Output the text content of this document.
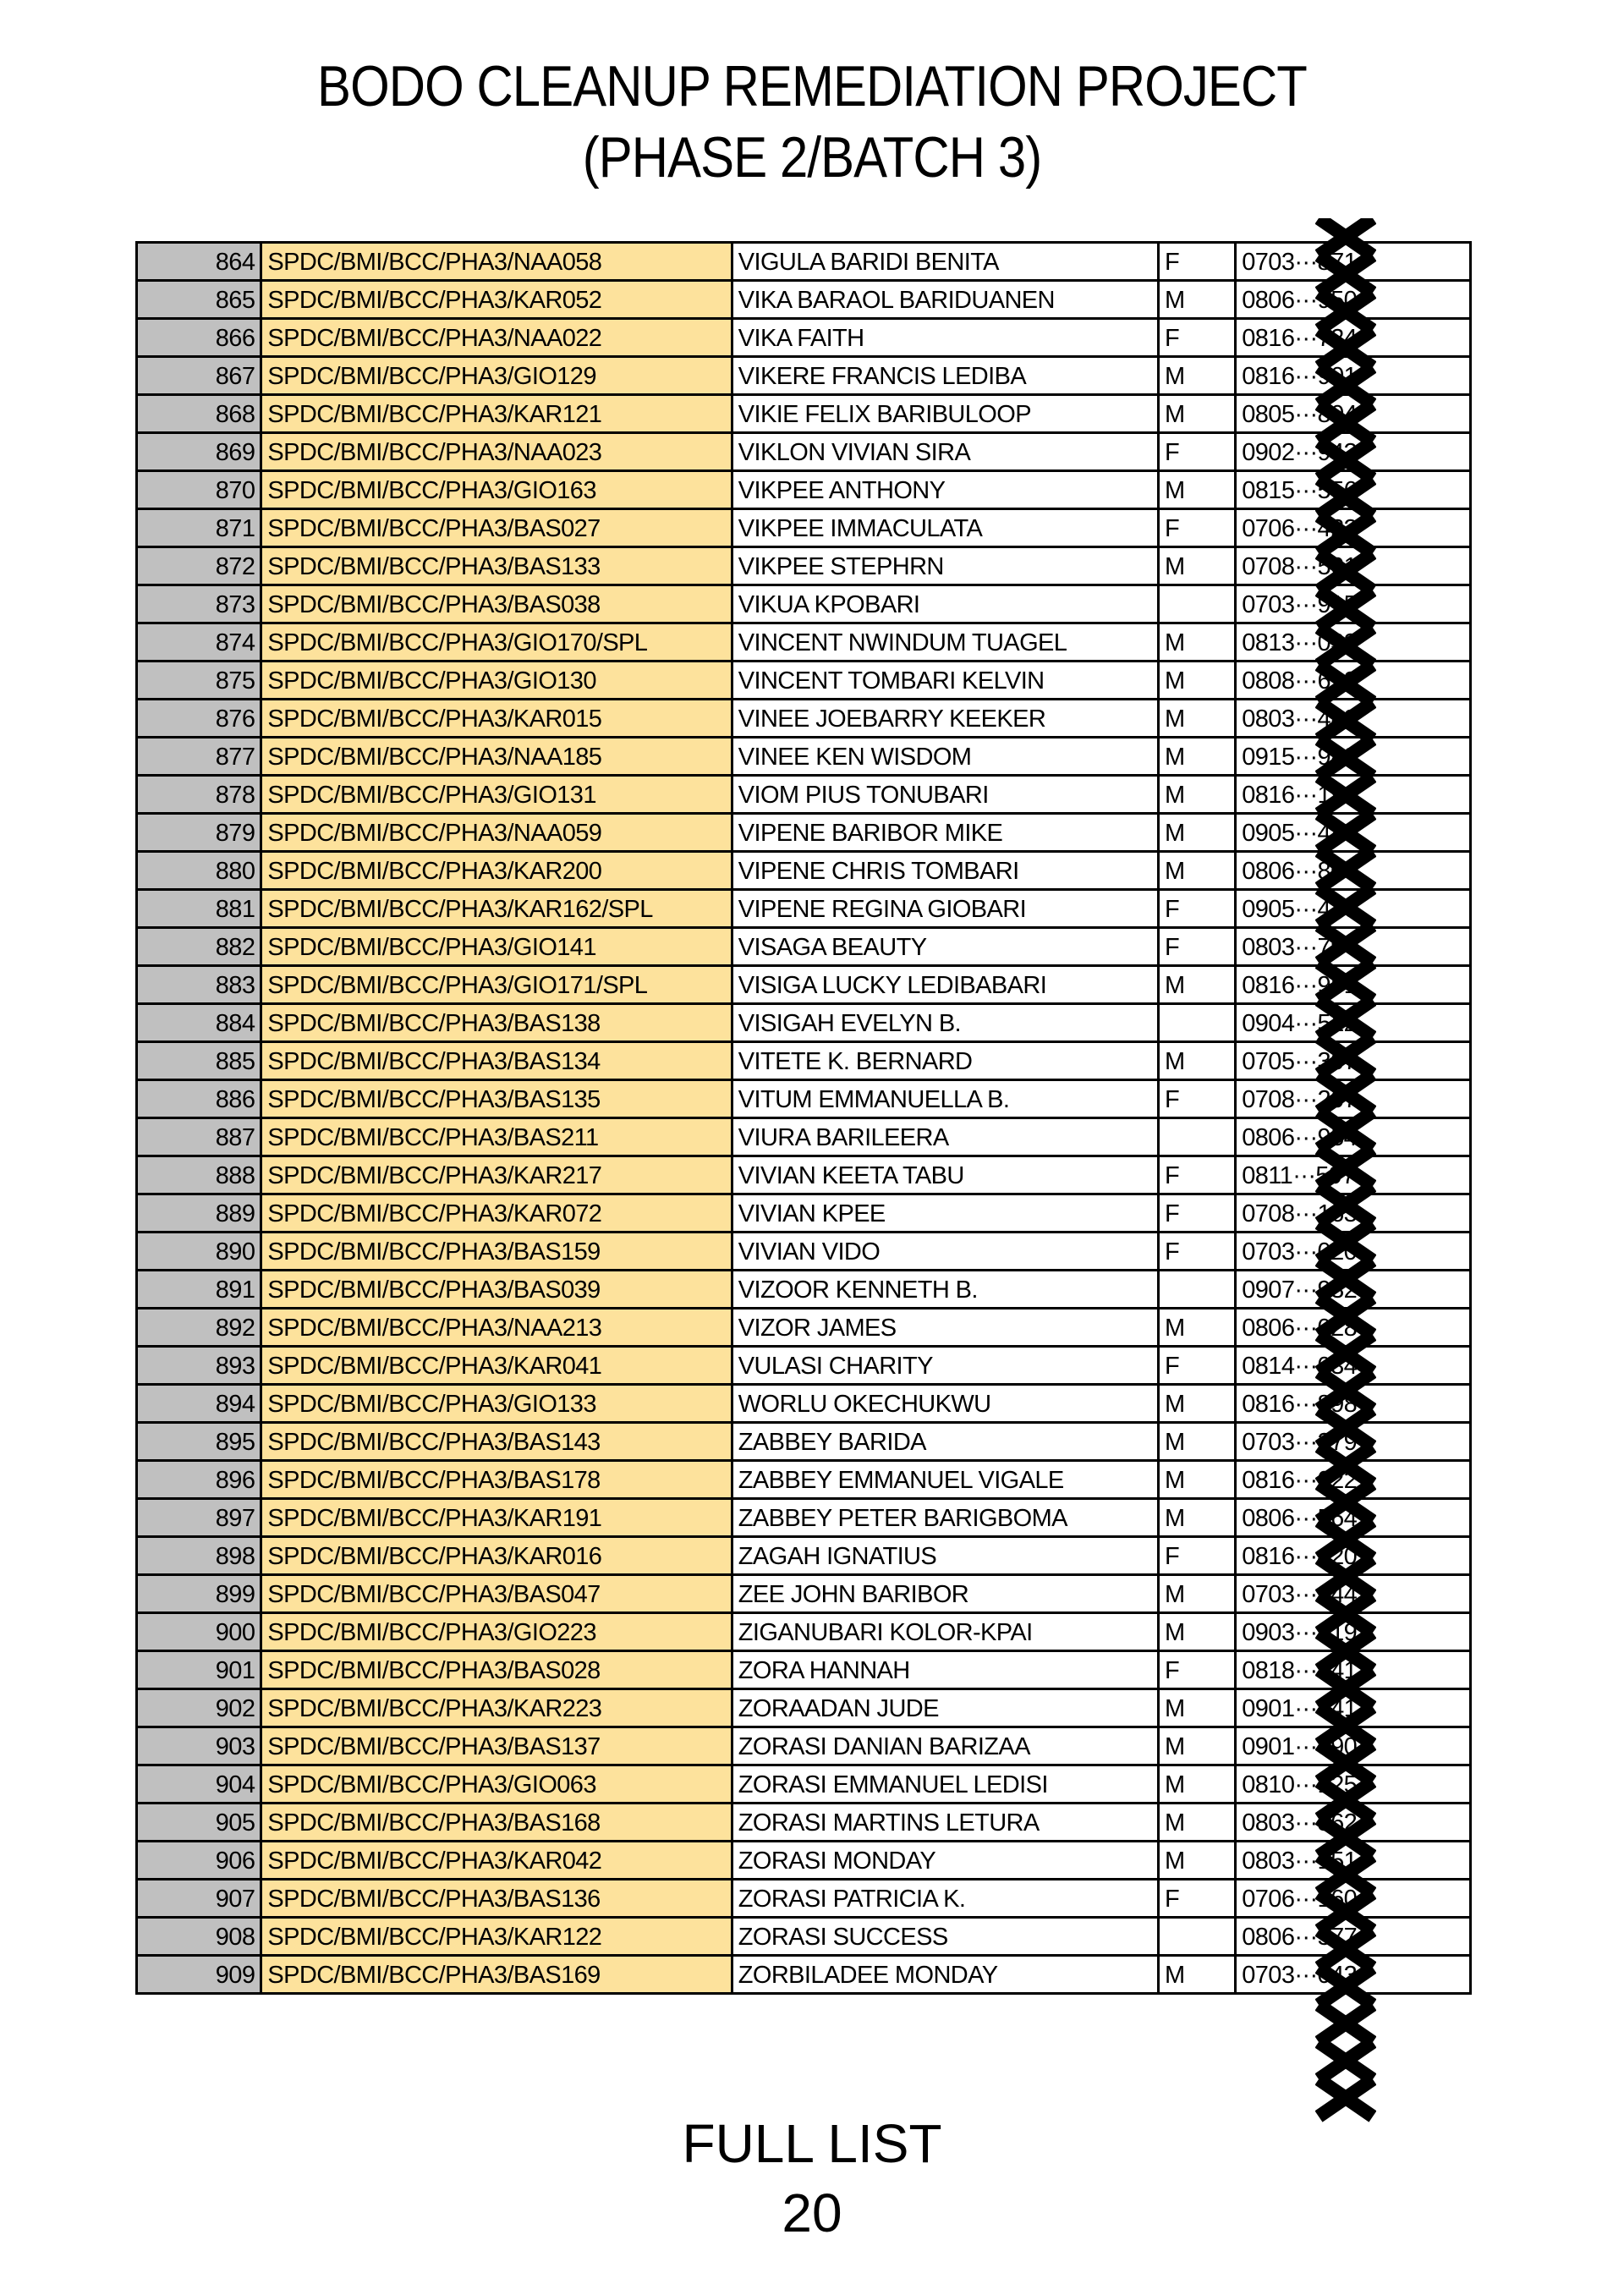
BODO CLEANUP REMEDIATION PROJECT
(PHASE 2/BATCH 3)
864	SPDC/BMI/BCC/PHA3/NAA058	VIGULA BARIDI BENITA	F	0703···871
865	SPDC/BMI/BCC/PHA3/KAR052	VIKA BARAOL BARIDUANEN	M	0806···950
866	SPDC/BMI/BCC/PHA3/NAA022	VIKA FAITH	F	0816···724
867	SPDC/BMI/BCC/PHA3/GIO129	VIKERE FRANCIS LEDIBA	M	0816···901
868	SPDC/BMI/BCC/PHA3/KAR121	VIKIE FELIX BARIBULOOP	M	0805···804
869	SPDC/BMI/BCC/PHA3/NAA023	VIKLON VIVIAN SIRA	F	0902···943
870	SPDC/BMI/BCC/PHA3/GIO163	VIKPEE ANTHONY	M	0815···556
871	SPDC/BMI/BCC/PHA3/BAS027	VIKPEE IMMACULATA	F	0706···423
872	SPDC/BMI/BCC/PHA3/BAS133	VIKPEE STEPHRN	M	0708···501
873	SPDC/BMI/BCC/PHA3/BAS038	VIKUA KPOBARI		0703···915
874	SPDC/BMI/BCC/PHA3/GIO170/SPL	VINCENT NWINDUM TUAGEL	M	0813···032
875	SPDC/BMI/BCC/PHA3/GIO130	VINCENT TOMBARI KELVIN	M	0808···622
876	SPDC/BMI/BCC/PHA3/KAR015	VINEE JOEBARRY KEEKER	M	0803···482
877	SPDC/BMI/BCC/PHA3/NAA185	VINEE KEN WISDOM	M	0915···983
878	SPDC/BMI/BCC/PHA3/GIO131	VIOM PIUS TONUBARI	M	0816···196
879	SPDC/BMI/BCC/PHA3/NAA059	VIPENE BARIBOR MIKE	M	0905···440
880	SPDC/BMI/BCC/PHA3/KAR200	VIPENE CHRIS TOMBARI	M	0806···804
881	SPDC/BMI/BCC/PHA3/KAR162/SPL	VIPENE REGINA GIOBARI	F	0905···440
882	SPDC/BMI/BCC/PHA3/GIO141	VISAGA BEAUTY	F	0803···794
883	SPDC/BMI/BCC/PHA3/GIO171/SPL	VISIGA LUCKY LEDIBABARI	M	0816···951
884	SPDC/BMI/BCC/PHA3/BAS138	VISIGAH EVELYN B.		0904···512
885	SPDC/BMI/BCC/PHA3/BAS134	VITETE K. BERNARD	M	0705···307
886	SPDC/BMI/BCC/PHA3/BAS135	VITUM EMMANUELLA B.	F	0708···207
887	SPDC/BMI/BCC/PHA3/BAS211	VIURA BARILEERA		0806···954
888	SPDC/BMI/BCC/PHA3/KAR217	VIVIAN KEETA TABU	F	0811···597
889	SPDC/BMI/BCC/PHA3/KAR072	VIVIAN KPEE	F	0708···163
890	SPDC/BMI/BCC/PHA3/BAS159	VIVIAN VIDO	F	0703···020
891	SPDC/BMI/BCC/PHA3/BAS039	VIZOOR KENNETH B.		0907···932
892	SPDC/BMI/BCC/PHA3/NAA213	VIZOR JAMES	M	0806···028
893	SPDC/BMI/BCC/PHA3/KAR041	VULASI CHARITY	F	0814···034
894	SPDC/BMI/BCC/PHA3/GIO133	WORLU OKECHUKWU	M	0816···898
895	SPDC/BMI/BCC/PHA3/BAS143	ZABBEY BARIDA	M	0703···279
896	SPDC/BMI/BCC/PHA3/BAS178	ZABBEY EMMANUEL VIGALE	M	0816···022
897	SPDC/BMI/BCC/PHA3/KAR191	ZABBEY PETER BARIGBOMA	M	0806···564
898	SPDC/BMI/BCC/PHA3/KAR016	ZAGAH IGNATIUS	F	0816···420
899	SPDC/BMI/BCC/PHA3/BAS047	ZEE JOHN BARIBOR	M	0703···944
900	SPDC/BMI/BCC/PHA3/GIO223	ZIGANUBARI KOLOR-KPAI	M	0903···619
901	SPDC/BMI/BCC/PHA3/BAS028	ZORA HANNAH	F	0818···841
902	SPDC/BMI/BCC/PHA3/KAR223	ZORAADAN JUDE	M	0901···941
903	SPDC/BMI/BCC/PHA3/BAS137	ZORASI DANIAN BARIZAA	M	0901···890
904	SPDC/BMI/BCC/PHA3/GIO063	ZORASI EMMANUEL LEDISI	M	0810···125
905	SPDC/BMI/BCC/PHA3/BAS168	ZORASI MARTINS LETURA	M	0803···362
906	SPDC/BMI/BCC/PHA3/KAR042	ZORASI MONDAY	M	0803···151
907	SPDC/BMI/BCC/PHA3/BAS136	ZORASI PATRICIA K.	F	0706···160
908	SPDC/BMI/BCC/PHA3/KAR122	ZORASI SUCCESS		0806···577
909	SPDC/BMI/BCC/PHA3/BAS169	ZORBILADEE MONDAY	M	0703···043
FULL LIST
20
